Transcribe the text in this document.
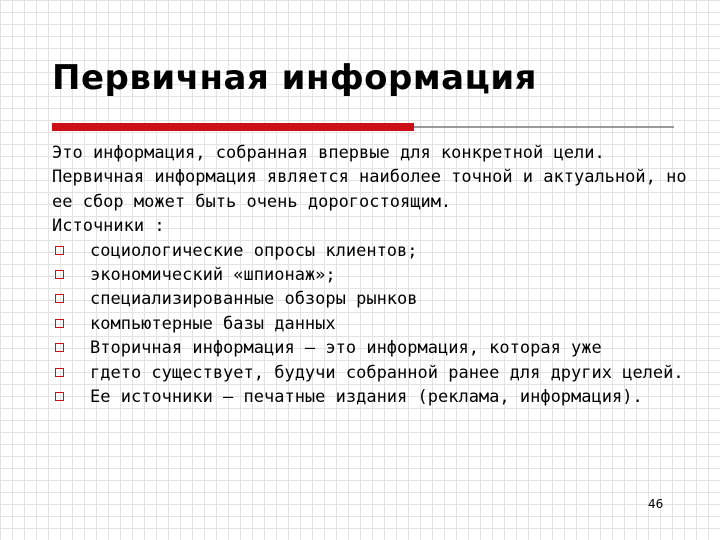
Первичная информация

Это информация, собранная впервые для конкретной цели. Первичная информация является наиболее точной и актуальной, но ее сбор может быть очень дорогостоящим.

Источники :

социологические опросы клиентов;
экономический «шпионаж»;
специализированные обзоры рынков
компьютерные базы данных
Вторичная информация – это информация, которая уже
гдето существует, будучи собранной ранее для других целей.
Ее источники – печатные издания (реклама, информация).
46
